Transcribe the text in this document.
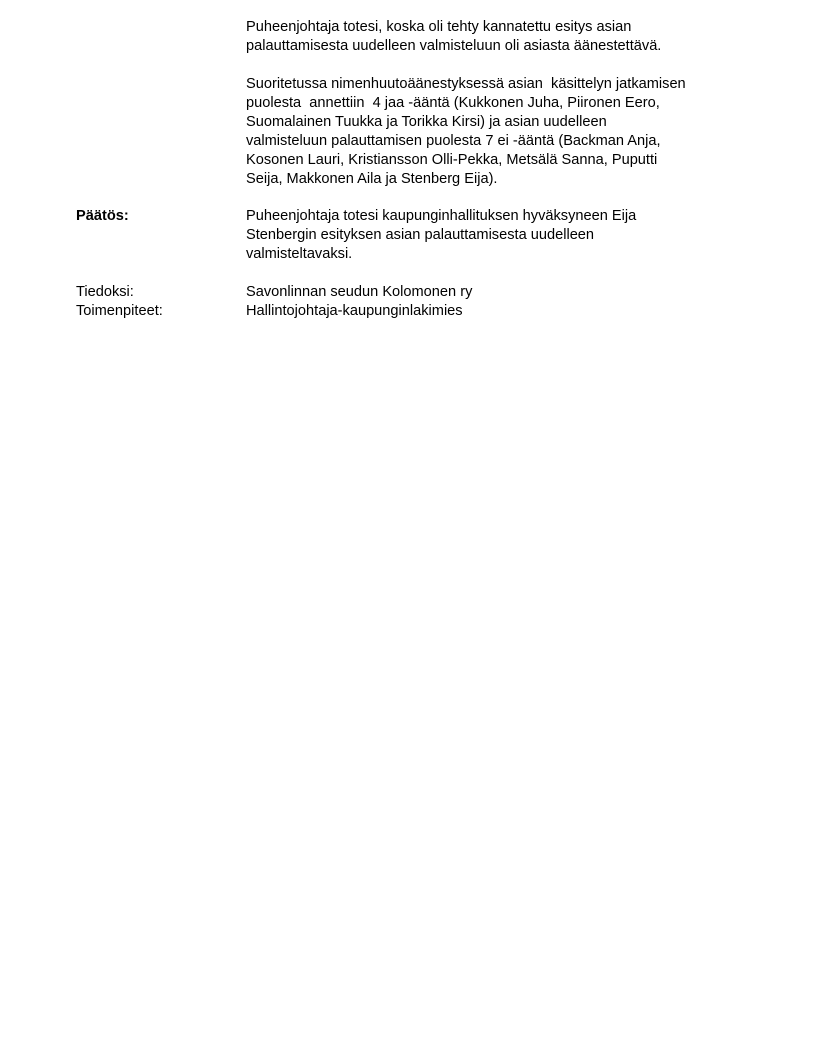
Puheenjohtaja totesi, koska oli tehty kannatettu esitys asian
palauttamisesta uudelleen valmisteluun oli asiasta äänestettävä.
Suoritetussa nimenhuutoäänestyksessä asian  käsittelyn jatkamisen
puolesta  annettiin  4 jaa -ääntä (Kukkonen Juha, Piironen Eero,
Suomalainen Tuukka ja Torikka Kirsi) ja asian uudelleen
valmisteluun palauttamisen puolesta 7 ei -ääntä (Backman Anja,
Kosonen Lauri, Kristiansson Olli-Pekka, Metsälä Sanna, Puputti
Seija, Makkonen Aila ja Stenberg Eija).
Päätös:	Puheenjohtaja totesi kaupunginhallituksen hyväksyneen Eija
Stenbergin esityksen asian palauttamisesta uudelleen
valmisteltavaksi.
Tiedoksi:	Savonlinnan seudun Kolomonen ry
Toimenpiteet:	Hallintojohtaja-kaupunginlakimies
